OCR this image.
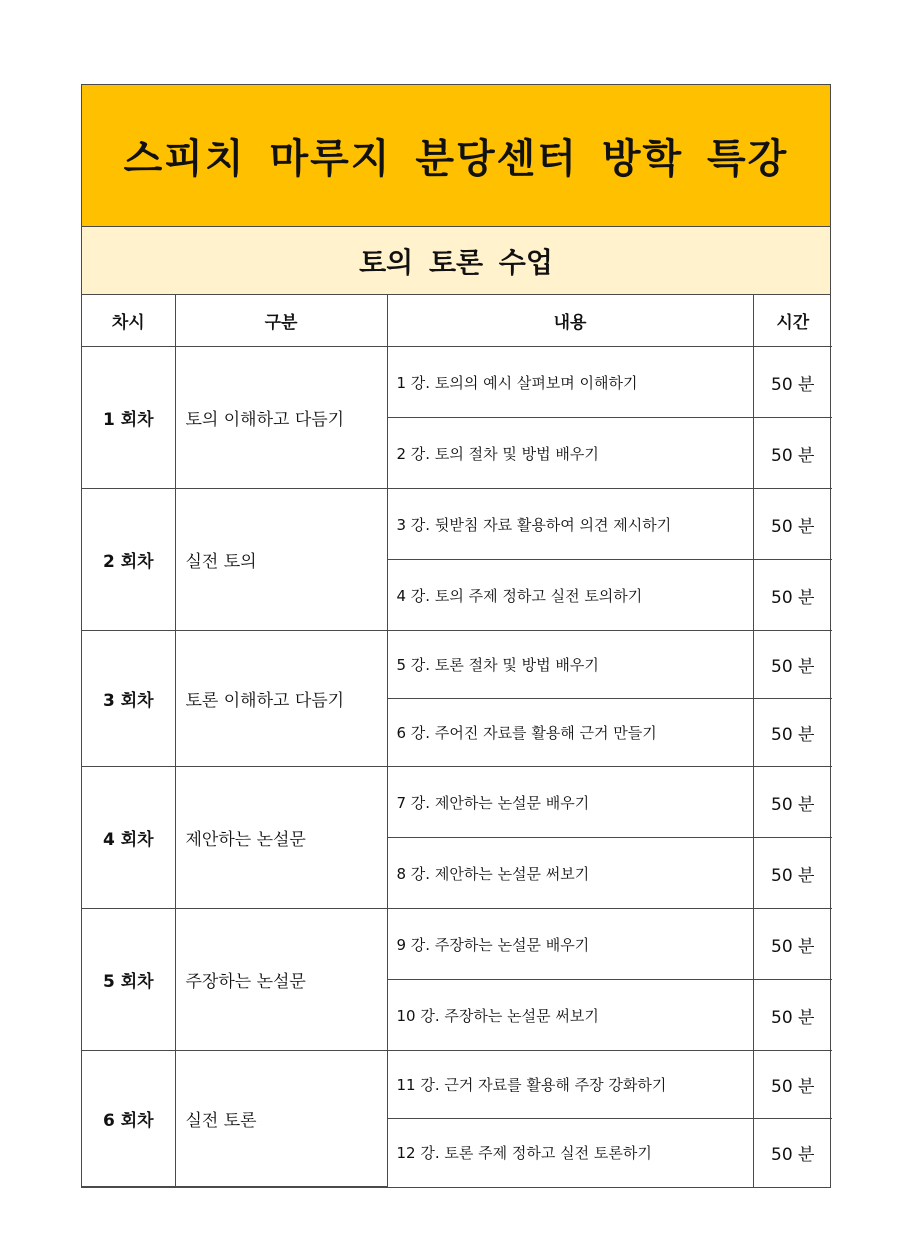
스피치 마루지 분당센터 방학 특강
토의 토론 수업
차시	구분	내용	시간
1 회차	토의 이해하고 다듬기	1 강. 토의의 예시 살펴보며 이해하기	50 분
		2 강. 토의 절차 및 방법 배우기	50 분
2 회차	실전 토의	3 강. 뒷받침 자료 활용하여 의견 제시하기	50 분
		4 강. 토의 주제 정하고 실전 토의하기	50 분
3 회차	토론 이해하고 다듬기	5 강. 토론 절차 및 방법 배우기	50 분
		6 강. 주어진 자료를 활용해 근거 만들기	50 분
4 회차	제안하는 논설문	7 강. 제안하는 논설문 배우기	50 분
		8 강. 제안하는 논설문 써보기	50 분
5 회차	주장하는 논설문	9 강. 주장하는 논설문 배우기	50 분
		10 강. 주장하는 논설문 써보기	50 분
6 회차	실전 토론	11 강. 근거 자료를 활용해 주장 강화하기	50 분
		12 강. 토론 주제 정하고 실전 토론하기	50 분
